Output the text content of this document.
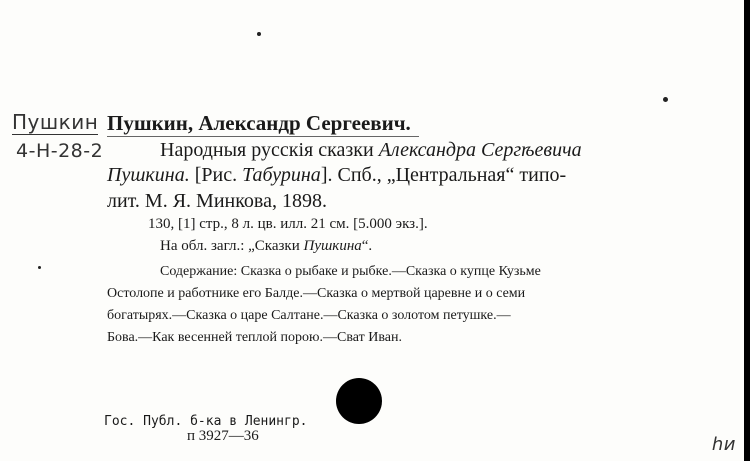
Пушкин
4-Н-28-2
Пушкин, Александр Сергеевич.
Народныя русскія сказки Александра Сергѣевича
Пушкина. [Рис. Табурина]. Спб., „Центральная“ типо-
лит. М. Я. Минкова, 1898.
130, [1] стр., 8 л. цв. илл. 21 см. [5.000 экз.].
На обл. загл.: „Сказки Пушкина“.
Содержание: Сказка о рыбаке и рыбке.—Сказка о купце Кузьме
Остолопе и работнике его Балде.—Сказка о мертвой царевне и о семи
богатырях.—Сказка о царе Салтане.—Сказка о золотом петушке.—
Бова.—Как весенней теплой порою.—Сват Иван.
Гос. Публ. б-ка в Ленингр.
п 3927—36	hи
